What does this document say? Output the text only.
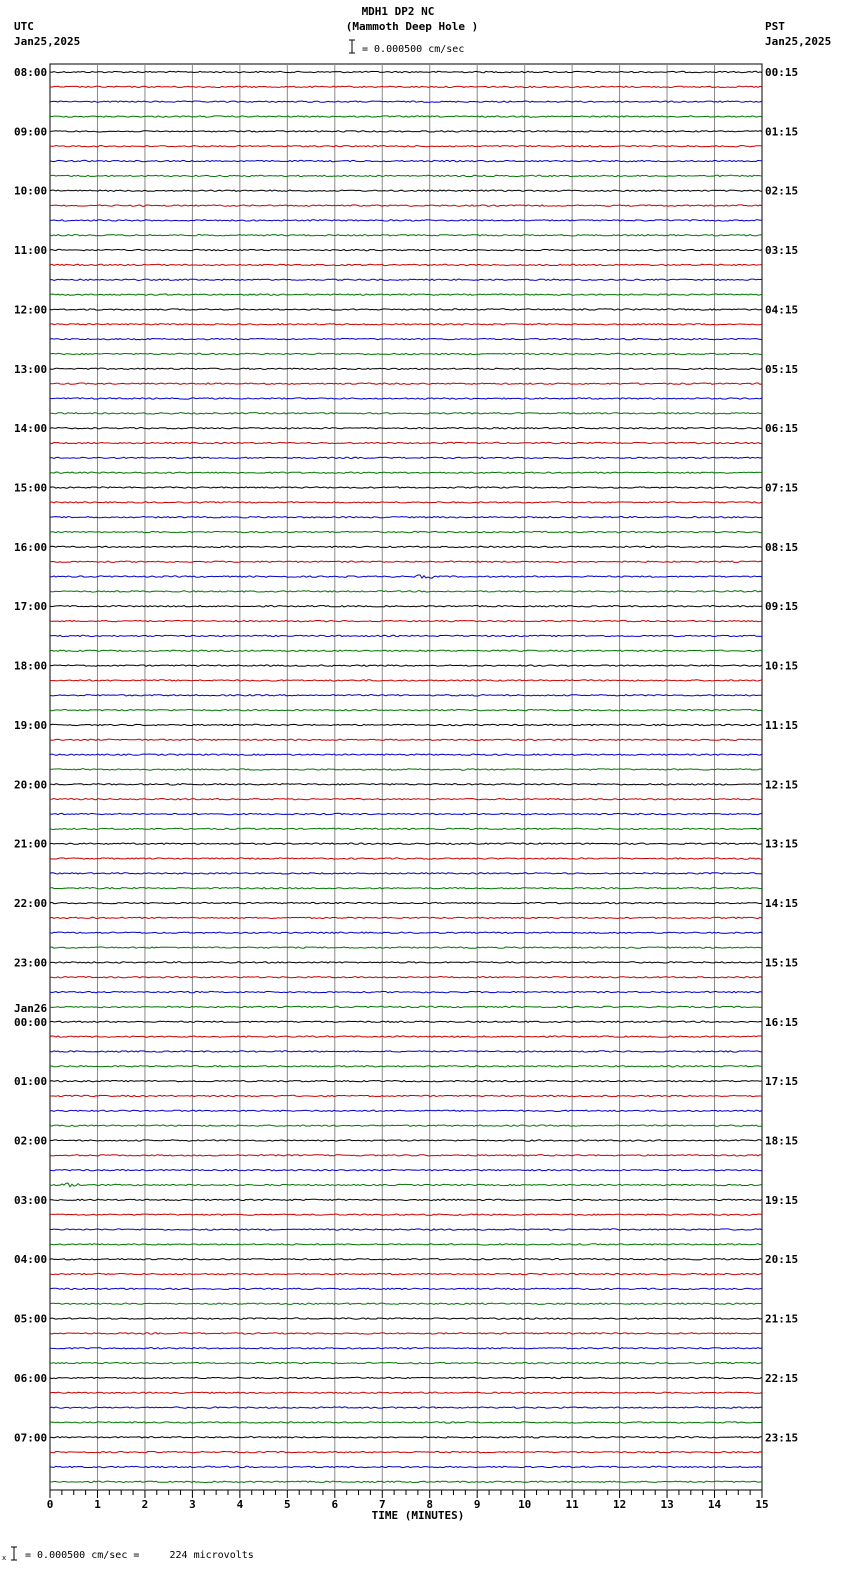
MDH1 DP2 NC
(Mammoth Deep Hole )
= 0.000500 cm/sec
UTC
Jan25,2025
PST
Jan25,2025
Jan26
08:00
09:00
10:00
11:00
12:00
13:00
14:00
15:00
16:00
17:00
18:00
19:00
20:00
21:00
22:00
23:00
00:00
01:00
02:00
03:00
04:00
05:00
06:00
07:00
00:15
01:15
02:15
03:15
04:15
05:15
06:15
07:15
08:15
09:15
10:15
11:15
12:15
13:15
14:15
15:15
16:15
17:15
18:15
19:15
20:15
21:15
22:15
23:15
TIME (MINUTES)
0	1	2	3	4	5	6	7	8	9	10	11	12	13	14	15
x = 0.000500 cm/sec =     224 microvolts
